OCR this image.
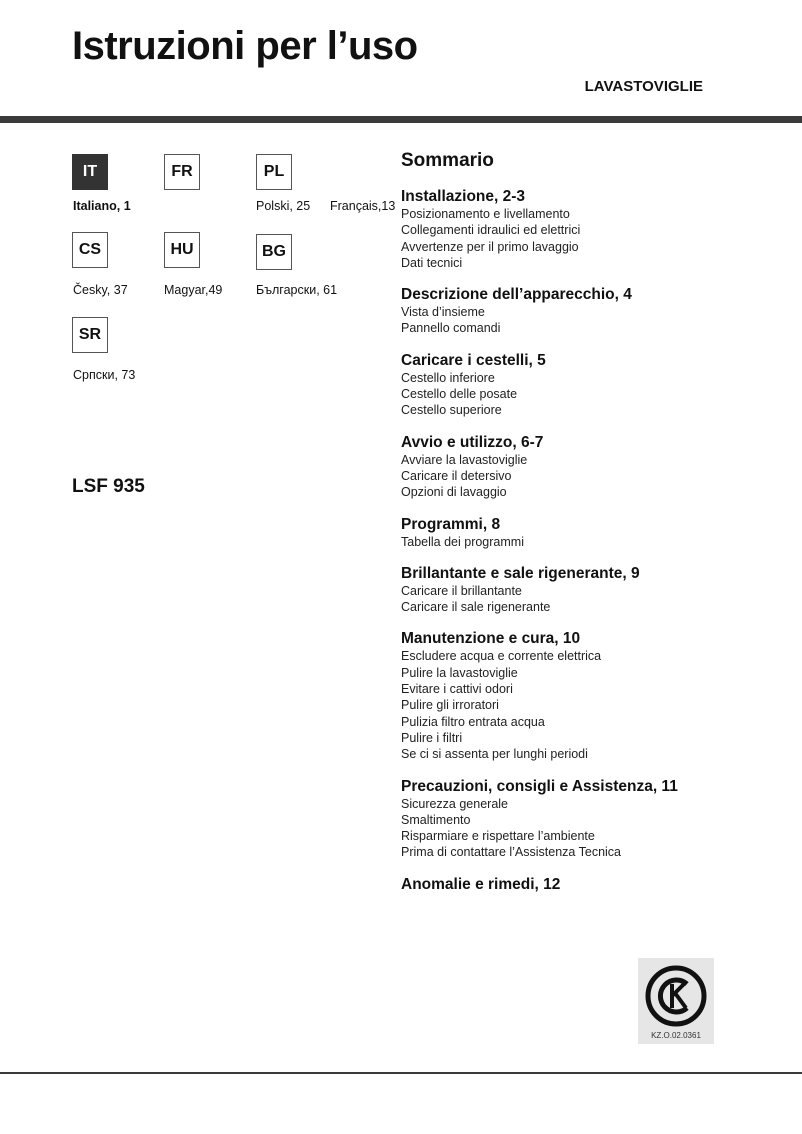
Istruzioni per l’uso
LAVASTOVIGLIE
IT
Italiano, 1
FR
Français,13
PL
Polski, 25
CS
Česky, 37
HU
Magyar,49
BG
Български, 61
SR
Српски, 73
LSF 935
Sommario
Installazione, 2-3
Posizionamento e livellamento
Collegamenti idraulici ed elettrici
Avvertenze per il primo lavaggio
Dati tecnici
Descrizione dell’apparecchio, 4
Vista d’insieme
Pannello comandi
Caricare i cestelli, 5
Cestello inferiore
Cestello delle posate
Cestello superiore
Avvio e utilizzo, 6-7
Avviare la lavastoviglie
Caricare il detersivo
Opzioni di lavaggio
Programmi, 8
Tabella dei programmi
Brillantante e sale rigenerante, 9
Caricare il brillantante
Caricare il sale rigenerante
Manutenzione e cura, 10
Escludere acqua e corrente elettrica
Pulire la lavastoviglie
Evitare i cattivi odori
Pulire gli irroratori
Pulizia filtro entrata acqua
Pulire i filtri
Se ci si assenta per lunghi periodi
Precauzioni, consigli e Assistenza, 11
Sicurezza generale
Smaltimento
Risparmiare e rispettare l’ambiente
Prima di contattare l’Assistenza Tecnica
Anomalie e rimedi, 12
KZ.O.02.0361
